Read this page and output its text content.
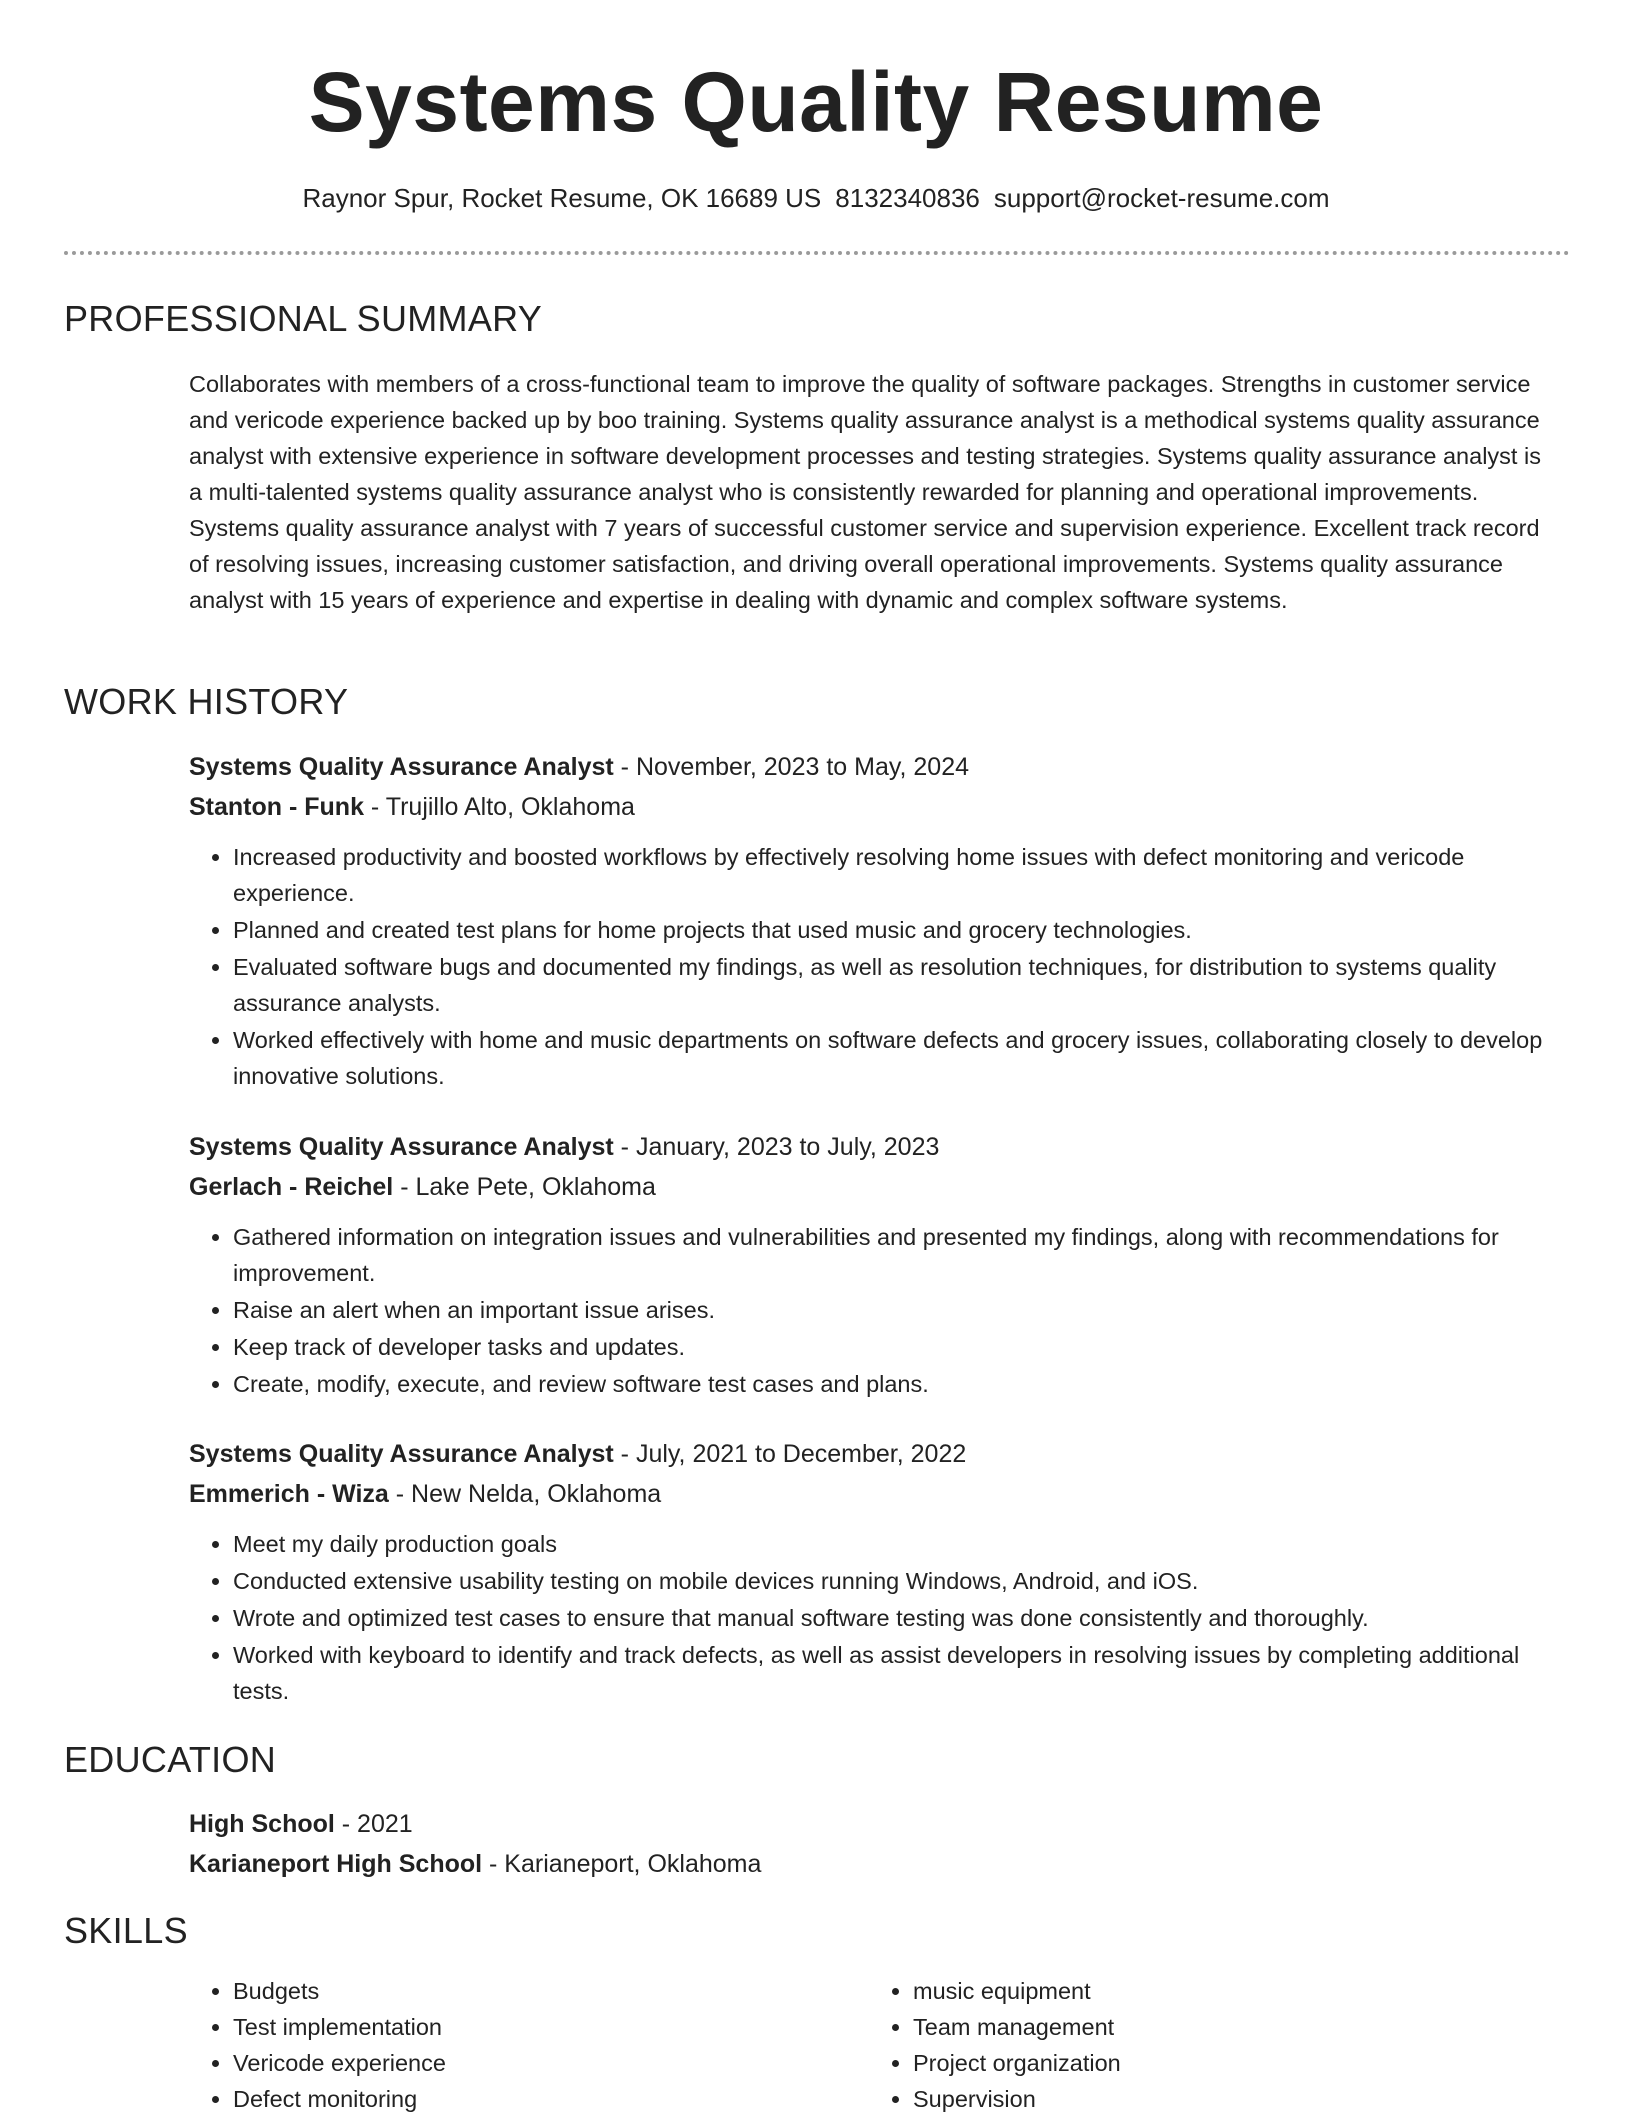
Systems Quality Resume
Raynor Spur, Rocket Resume, OK 16689 US 8132340836 support@rocket-resume.com
PROFESSIONAL SUMMARY

Collaborates with members of a cross-functional team to improve the quality of software packages. Strengths in customer service and vericode experience backed up by boo training. Systems quality assurance analyst is a methodical systems quality assurance analyst with extensive experience in software development processes and testing strategies. Systems quality assurance analyst is a multi-talented systems quality assurance analyst who is consistently rewarded for planning and operational improvements. Systems quality assurance analyst with 7 years of successful customer service and supervision experience. Excellent track record of resolving issues, increasing customer satisfaction, and driving overall operational improvements. Systems quality assurance analyst with 15 years of experience and expertise in dealing with dynamic and complex software systems.

WORK HISTORY
Systems Quality Assurance Analyst - November, 2023 to May, 2024
Stanton - Funk - Trujillo Alto, Oklahoma
• Increased productivity and boosted workflows by effectively resolving home issues with defect monitoring and vericode experience.
• Planned and created test plans for home projects that used music and grocery technologies.
• Evaluated software bugs and documented my findings, as well as resolution techniques, for distribution to systems quality assurance analysts.
• Worked effectively with home and music departments on software defects and grocery issues, collaborating closely to develop innovative solutions.
Systems Quality Assurance Analyst - January, 2023 to July, 2023
Gerlach - Reichel - Lake Pete, Oklahoma
• Gathered information on integration issues and vulnerabilities and presented my findings, along with recommendations for improvement.
• Raise an alert when an important issue arises.
• Keep track of developer tasks and updates.
• Create, modify, execute, and review software test cases and plans.
Systems Quality Assurance Analyst - July, 2021 to December, 2022
Emmerich - Wiza - New Nelda, Oklahoma
• Meet my daily production goals
• Conducted extensive usability testing on mobile devices running Windows, Android, and iOS.
• Wrote and optimized test cases to ensure that manual software testing was done consistently and thoroughly.
• Worked with keyboard to identify and track defects, as well as assist developers in resolving issues by completing additional tests.
EDUCATION
High School - 2021
Karianeport High School - Karianeport, Oklahoma
SKILLS
• Budgets
• Test implementation
• Vericode experience
• Defect monitoring
• music equipment
• Team management
• Project organization
• Supervision
